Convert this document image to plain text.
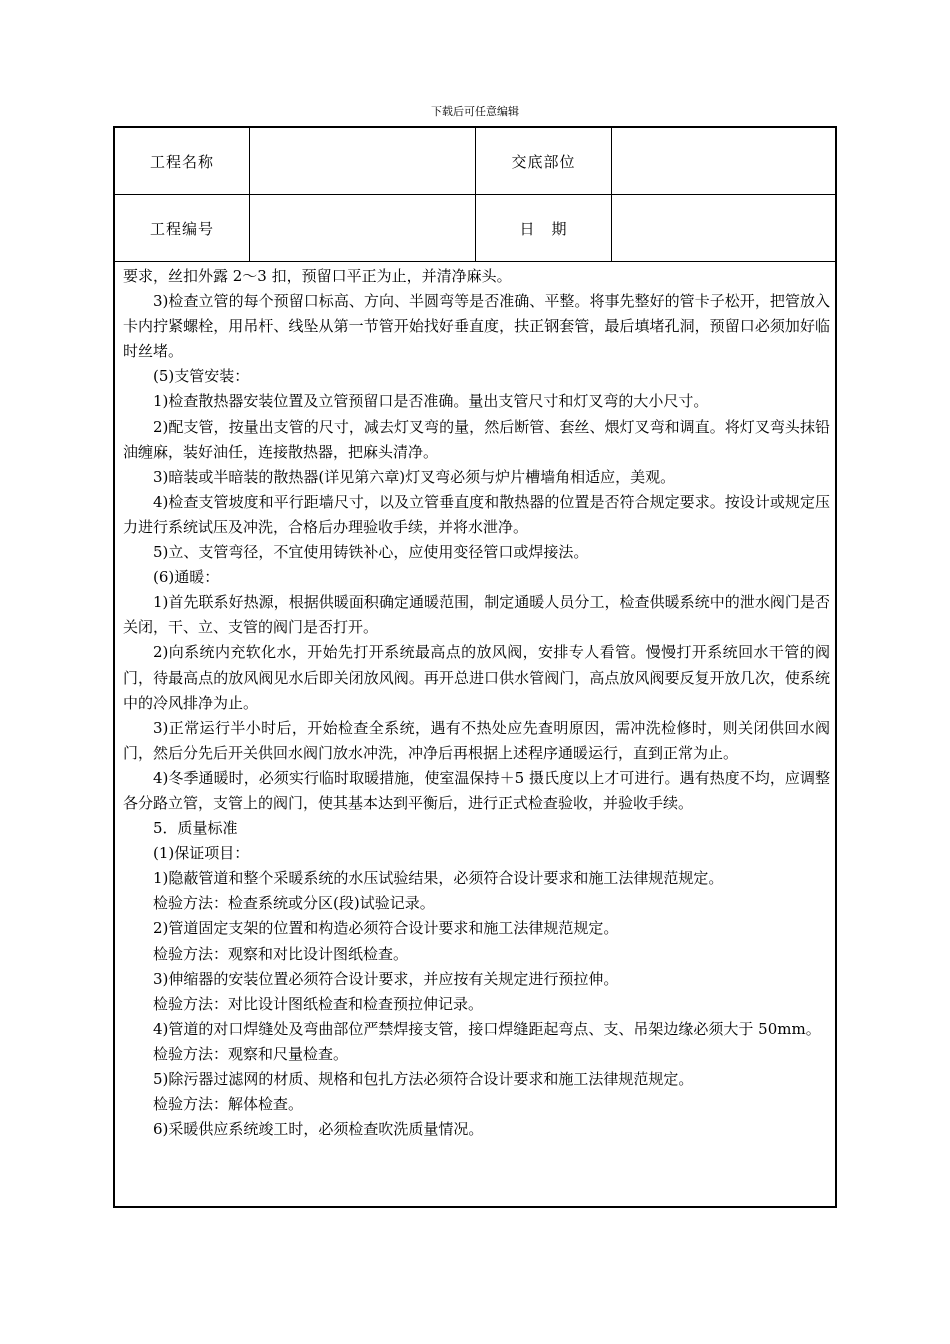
下载后可任意编辑
工程名称	交底部位
工程编号	日　期

要求，丝扣外露 2～3 扣，预留口平正为止，并清净麻头。

3)检查立管的每个预留口标高、方向、半圆弯等是否准确、平整。将事先整好的管卡子松开，把管放入卡内拧紧螺栓，用吊杆、线坠从第一节管开始找好垂直度，扶正钢套管，最后填堵孔洞，预留口必须加好临时丝堵。

(5)支管安装：

1)检查散热器安装位置及立管预留口是否准确。量出支管尺寸和灯叉弯的大小尺寸。

2)配支管，按量出支管的尺寸，减去灯叉弯的量，然后断管、套丝、煨灯叉弯和调直。将灯叉弯头抹铅油缠麻，装好油任，连接散热器，把麻头清净。

3)暗装或半暗装的散热器(详见第六章)灯叉弯必须与炉片槽墙角相适应，美观。

4)检查支管坡度和平行距墙尺寸，以及立管垂直度和散热器的位置是否符合规定要求。按设计或规定压力进行系统试压及冲洗，合格后办理验收手续，并将水泄净。

5)立、支管弯径，不宜使用铸铁补心，应使用变径管口或焊接法。

(6)通暖：

1)首先联系好热源，根据供暖面积确定通暖范围，制定通暖人员分工，检查供暖系统中的泄水阀门是否关闭，干、立、支管的阀门是否打开。

2)向系统内充软化水，开始先打开系统最高点的放风阀，安排专人看管。慢慢打开系统回水干管的阀门，待最高点的放风阀见水后即关闭放风阀。再开总进口供水管阀门，高点放风阀要反复开放几次，使系统中的冷风排净为止。

3)正常运行半小时后，开始检查全系统，遇有不热处应先查明原因，需冲洗检修时，则关闭供回水阀门，然后分先后开关供回水阀门放水冲洗，冲净后再根据上述程序通暖运行，直到正常为止。

4)冬季通暖时，必须实行临时取暖措施，使室温保持＋5 摄氏度以上才可进行。遇有热度不均，应调整各分路立管，支管上的阀门，使其基本达到平衡后，进行正式检查验收，并验收手续。

5．质量标准

(1)保证项目：

1)隐蔽管道和整个采暖系统的水压试验结果，必须符合设计要求和施工法律规范规定。

检验方法：检查系统或分区(段)试验记录。

2)管道固定支架的位置和构造必须符合设计要求和施工法律规范规定。

检验方法：观察和对比设计图纸检查。

3)伸缩器的安装位置必须符合设计要求，并应按有关规定进行预拉伸。

检验方法：对比设计图纸检查和检查预拉伸记录。

4)管道的对口焊缝处及弯曲部位严禁焊接支管，接口焊缝距起弯点、支、吊架边缘必须大于 50mm。

检验方法：观察和尺量检查。

5)除污器过滤网的材质、规格和包扎方法必须符合设计要求和施工法律规范规定。

检验方法：解体检查。

6)采暖供应系统竣工时，必须检查吹洗质量情况。
